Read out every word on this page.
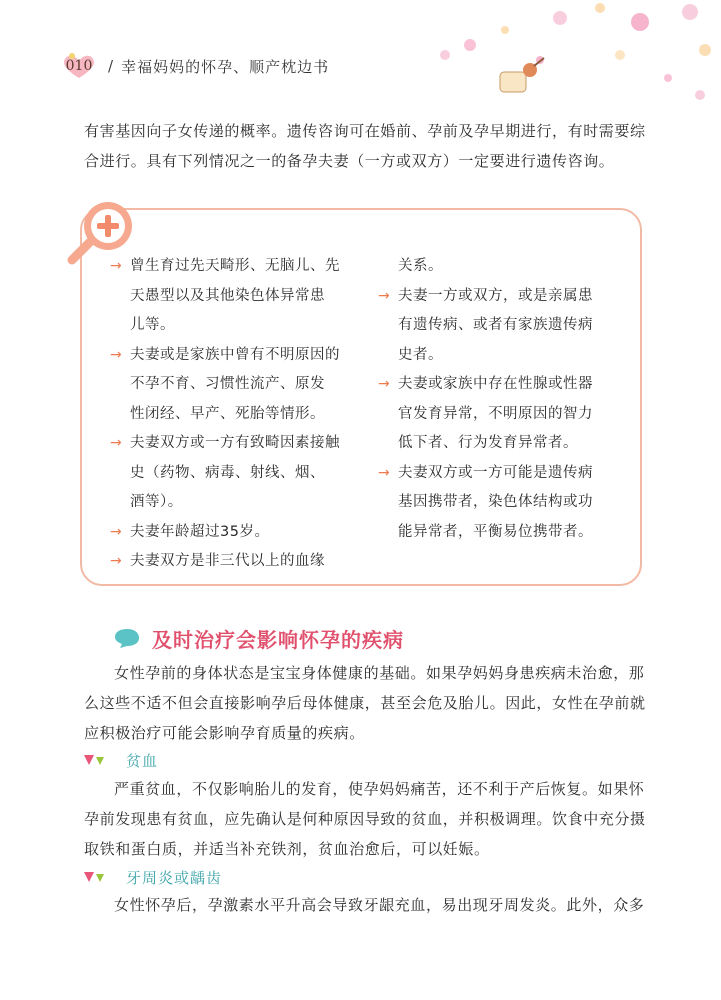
010 / 幸福妈妈的怀孕、顺产枕边书
有害基因向子女传递的概率。遗传咨询可在婚前、孕前及孕早期进行，有时需要综
合进行。具有下列情况之一的备孕夫妻（一方或双方）一定要进行遗传咨询。
→ 曾生育过先天畸形、无脑儿、先
天愚型以及其他染色体异常患
儿等。
→ 夫妻或是家族中曾有不明原因的
不孕不育、习惯性流产、原发
性闭经、早产、死胎等情形。
→ 夫妻双方或一方有致畸因素接触
史（药物、病毒、射线、烟、
酒等）。
→ 夫妻年龄超过35岁。
→ 夫妻双方是非三代以上的血缘
关系。
→ 夫妻一方或双方，或是亲属患
有遗传病、或者有家族遗传病
史者。
→ 夫妻或家族中存在性腺或性器
官发育异常，不明原因的智力
低下者、行为发育异常者。
→ 夫妻双方或一方可能是遗传病
基因携带者，染色体结构或功
能异常者，平衡易位携带者。
及时治疗会影响怀孕的疾病
女性孕前的身体状态是宝宝身体健康的基础。如果孕妈妈身患疾病未治愈，那
么这些不适不但会直接影响孕后母体健康，甚至会危及胎儿。因此，女性在孕前就
应积极治疗可能会影响孕育质量的疾病。
贫血
严重贫血，不仅影响胎儿的发育，使孕妈妈痛苦，还不利于产后恢复。如果怀
孕前发现患有贫血，应先确认是何种原因导致的贫血，并积极调理。饮食中充分摄
取铁和蛋白质，并适当补充铁剂，贫血治愈后，可以妊娠。
牙周炎或龋齿
女性怀孕后，孕激素水平升高会导致牙龈充血，易出现牙周发炎。此外，众多
